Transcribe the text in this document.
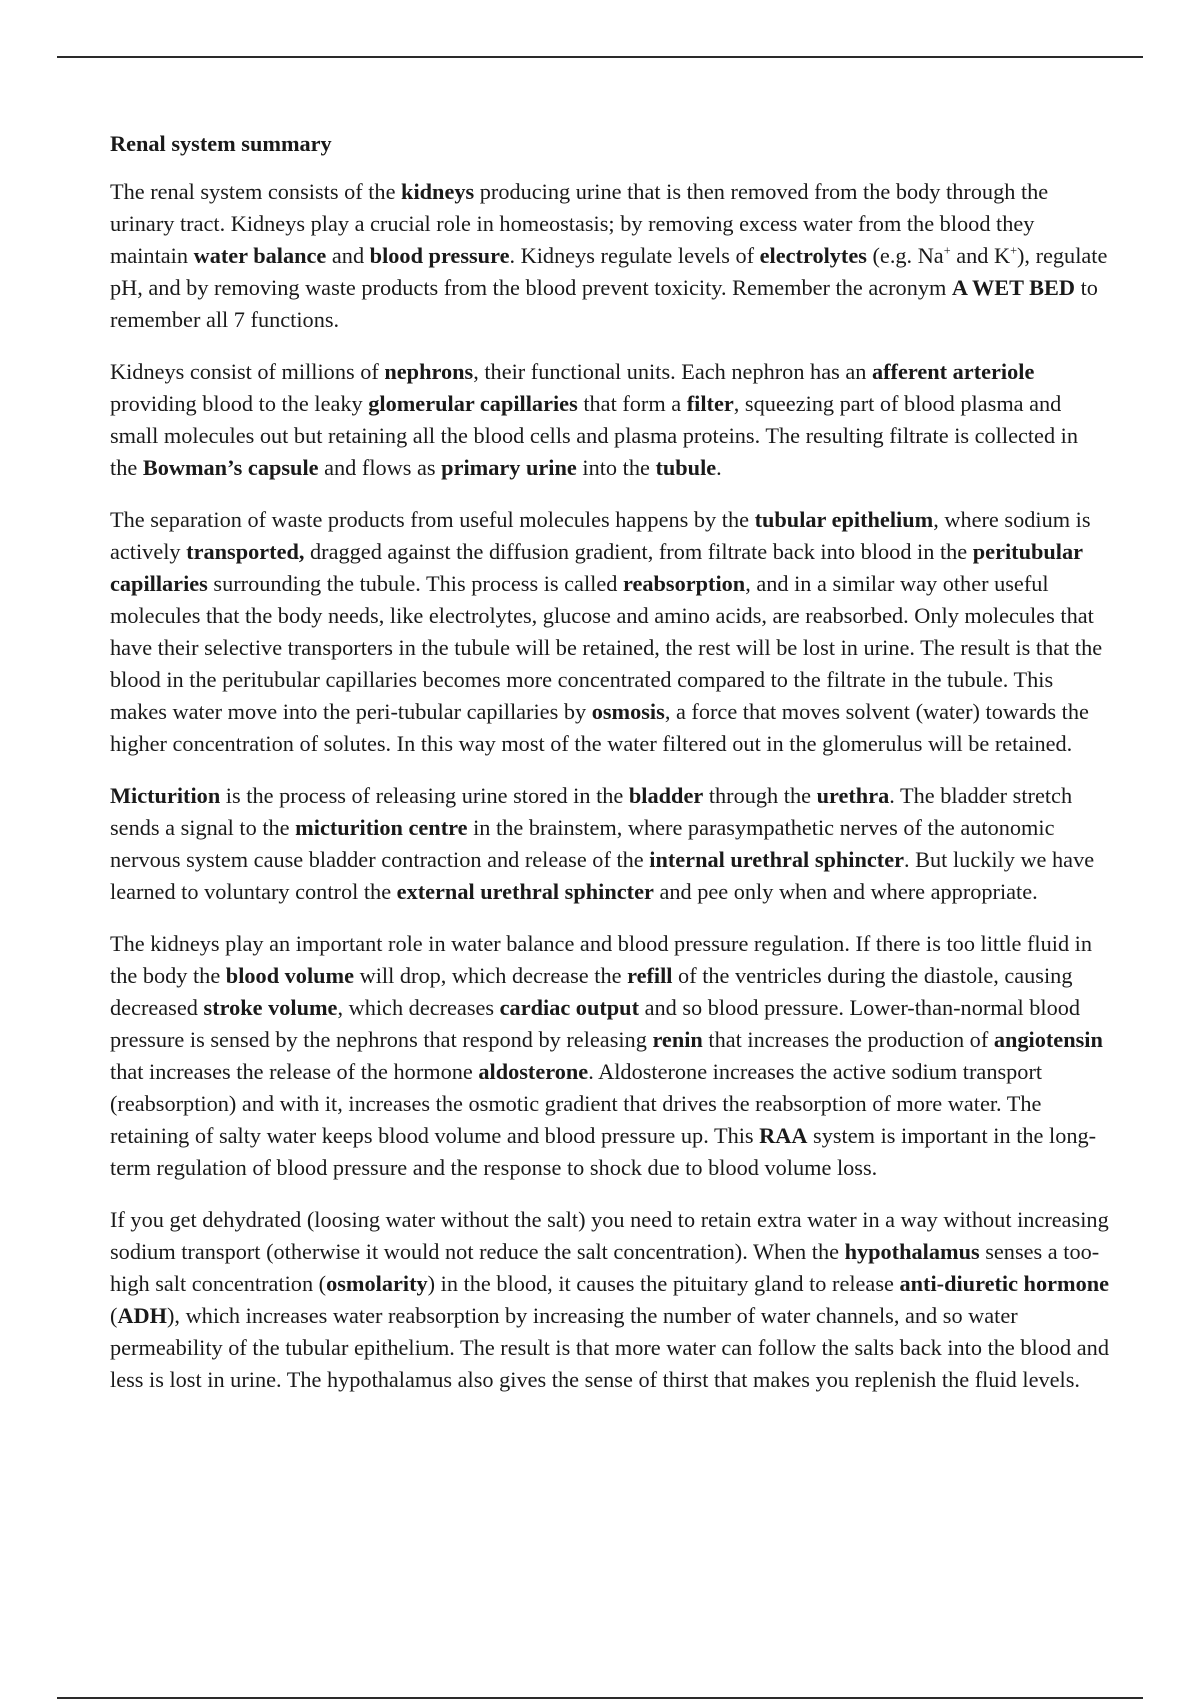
Renal system summary

The renal system consists of the kidneys producing urine that is then removed from the body through the urinary tract. Kidneys play a crucial role in homeostasis; by removing excess water from the blood they maintain water balance and blood pressure. Kidneys regulate levels of electrolytes (e.g. Na+ and K+), regulate pH, and by removing waste products from the blood prevent toxicity. Remember the acronym A WET BED to remember all 7 functions.

Kidneys consist of millions of nephrons, their functional units. Each nephron has an afferent arteriole providing blood to the leaky glomerular capillaries that form a filter, squeezing part of blood plasma and small molecules out but retaining all the blood cells and plasma proteins. The resulting filtrate is collected in the Bowman’s capsule and flows as primary urine into the tubule.

The separation of waste products from useful molecules happens by the tubular epithelium, where sodium is actively transported, dragged against the diffusion gradient, from filtrate back into blood in the peritubular capillaries surrounding the tubule. This process is called reabsorption, and in a similar way other useful molecules that the body needs, like electrolytes, glucose and amino acids, are reabsorbed. Only molecules that have their selective transporters in the tubule will be retained, the rest will be lost in urine. The result is that the blood in the peritubular capillaries becomes more concentrated compared to the filtrate in the tubule. This makes water move into the peri-tubular capillaries by osmosis, a force that moves solvent (water) towards the higher concentration of solutes. In this way most of the water filtered out in the glomerulus will be retained.

Micturition is the process of releasing urine stored in the bladder through the urethra. The bladder stretch sends a signal to the micturition centre in the brainstem, where parasympathetic nerves of the autonomic nervous system cause bladder contraction and release of the internal urethral sphincter. But luckily we have learned to voluntary control the external urethral sphincter and pee only when and where appropriate.

The kidneys play an important role in water balance and blood pressure regulation. If there is too little fluid in the body the blood volume will drop, which decrease the refill of the ventricles during the diastole, causing decreased stroke volume, which decreases cardiac output and so blood pressure. Lower-than-normal blood pressure is sensed by the nephrons that respond by releasing renin that increases the production of angiotensin that increases the release of the hormone aldosterone. Aldosterone increases the active sodium transport (reabsorption) and with it, increases the osmotic gradient that drives the reabsorption of more water. The retaining of salty water keeps blood volume and blood pressure up. This RAA system is important in the long-term regulation of blood pressure and the response to shock due to blood volume loss.

If you get dehydrated (loosing water without the salt) you need to retain extra water in a way without increasing sodium transport (otherwise it would not reduce the salt concentration). When the hypothalamus senses a too-high salt concentration (osmolarity) in the blood, it causes the pituitary gland to release anti-diuretic hormone (ADH), which increases water reabsorption by increasing the number of water channels, and so water permeability of the tubular epithelium. The result is that more water can follow the salts back into the blood and less is lost in urine. The hypothalamus also gives the sense of thirst that makes you replenish the fluid levels.
